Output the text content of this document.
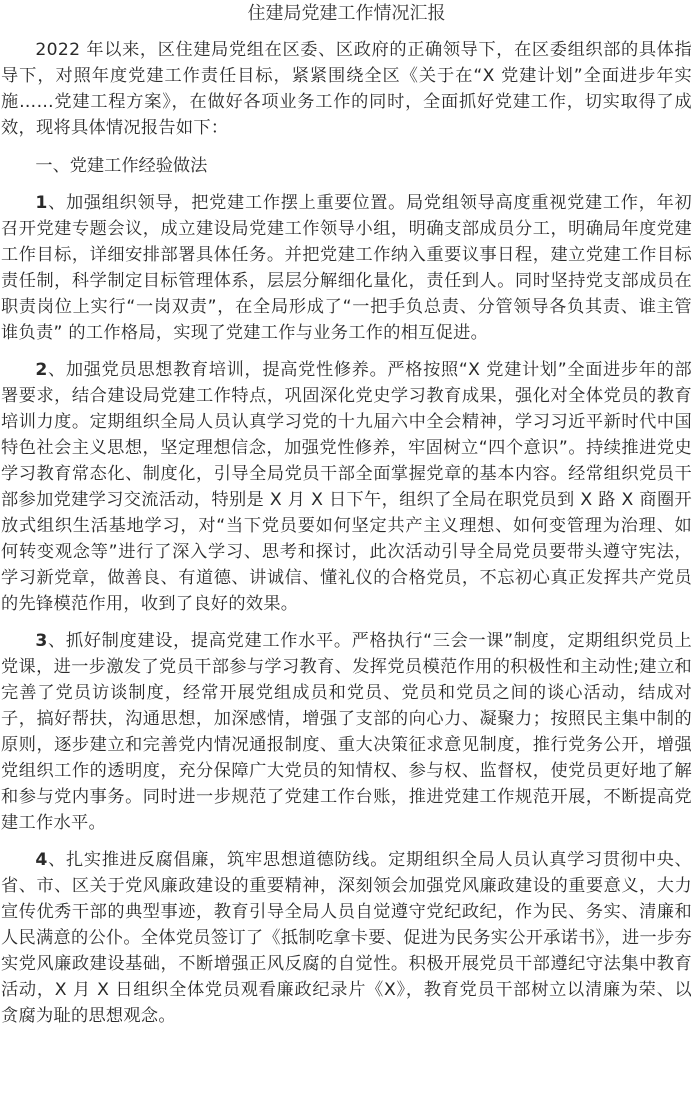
住建局党建工作情况汇报

2022 年以来，区住建局党组在区委、区政府的正确领导下，在区委组织部的具体指导下，对照年度党建工作责任目标，紧紧围绕全区《关于在“X 党建计划”全面进步年实施……党建工程方案》，在做好各项业务工作的同时，全面抓好党建工作，切实取得了成效，现将具体情况报告如下：

一、党建工作经验做法

1、加强组织领导，把党建工作摆上重要位置。局党组领导高度重视党建工作，年初召开党建专题会议，成立建设局党建工作领导小组，明确支部成员分工，明确局年度党建工作目标，详细安排部署具体任务。并把党建工作纳入重要议事日程，建立党建工作目标责任制，科学制定目标管理体系，层层分解细化量化，责任到人。同时坚持党支部成员在职责岗位上实行“一岗双责”，在全局形成了“一把手负总责、分管领导各负其责、谁主管谁负责” 的工作格局，实现了党建工作与业务工作的相互促进。

2、加强党员思想教育培训，提高党性修养。严格按照“X 党建计划”全面进步年的部署要求，结合建设局党建工作特点，巩固深化党史学习教育成果，强化对全体党员的教育培训力度。定期组织全局人员认真学习党的十九届六中全会精神，学习习近平新时代中国特色社会主义思想，坚定理想信念，加强党性修养，牢固树立“四个意识”。持续推进党史学习教育常态化、制度化，引导全局党员干部全面掌握党章的基本内容。经常组织党员干部参加党建学习交流活动，特别是 X 月 X 日下午，组织了全局在职党员到 X 路 X 商圈开放式组织生活基地学习，对“当下党员要如何坚定共产主义理想、如何变管理为治理、如何转变观念等”进行了深入学习、思考和探讨，此次活动引导全局党员要带头遵守宪法，学习新党章，做善良、有道德、讲诚信、懂礼仪的合格党员，不忘初心真正发挥共产党员的先锋模范作用，收到了良好的效果。

3、抓好制度建设，提高党建工作水平。严格执行“三会一课”制度，定期组织党员上党课，进一步激发了党员干部参与学习教育、发挥党员模范作用的积极性和主动性;建立和完善了党员访谈制度，经常开展党组成员和党员、党员和党员之间的谈心活动，结成对子，搞好帮扶，沟通思想，加深感情，增强了支部的向心力、凝聚力；按照民主集中制的原则，逐步建立和完善党内情况通报制度、重大决策征求意见制度，推行党务公开，增强党组织工作的透明度，充分保障广大党员的知情权、参与权、监督权，使党员更好地了解和参与党内事务。同时进一步规范了党建工作台账，推进党建工作规范开展，不断提高党建工作水平。

4、扎实推进反腐倡廉，筑牢思想道德防线。定期组织全局人员认真学习贯彻中央、省、市、区关于党风廉政建设的重要精神，深刻领会加强党风廉政建设的重要意义，大力宣传优秀干部的典型事迹，教育引导全局人员自觉遵守党纪政纪，作为民、务实、清廉和人民满意的公仆。全体党员签订了《抵制吃拿卡要、促进为民务实公开承诺书》，进一步夯实党风廉政建设基础，不断增强正风反腐的自觉性。积极开展党员干部遵纪守法集中教育活动，X 月 X 日组织全体党员观看廉政纪录片《X》，教育党员干部树立以清廉为荣、以贪腐为耻的思想观念。
